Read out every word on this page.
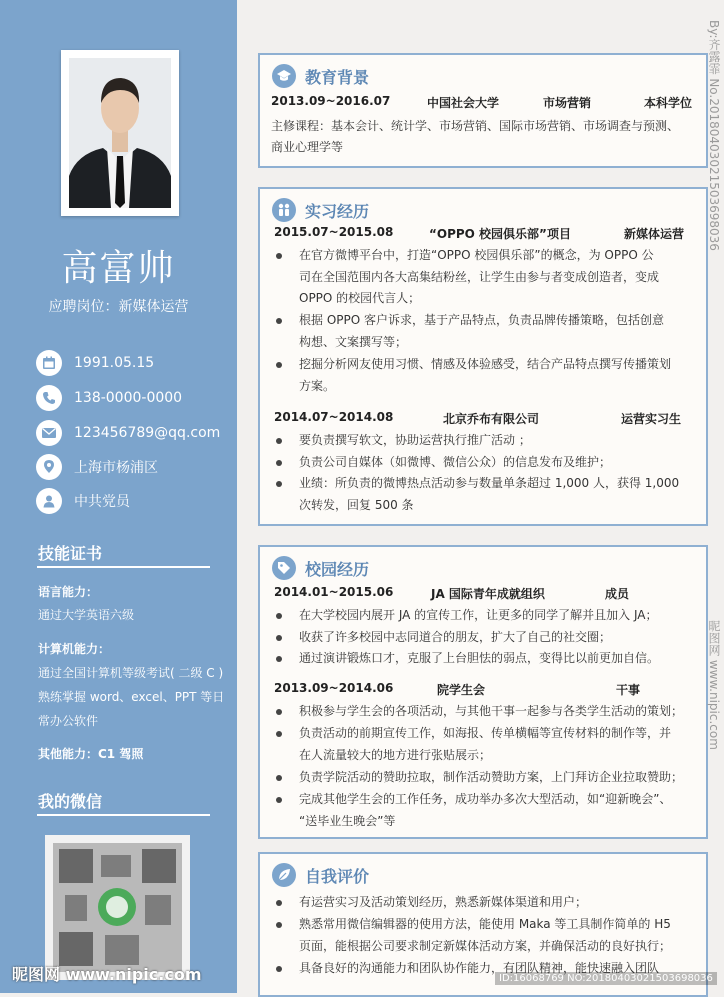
高富帅
应聘岗位：新媒体运营
1991.05.15
138-0000-0000
123456789@qq.com
上海市杨浦区
中共党员
技能证书
语言能力：
通过大学英语六级
计算机能力：
通过全国计算机等级考试( 二级 C )
熟练掌握 word、excel、PPT 等日
常办公软件
其他能力：C1 驾照
我的微信
教育背景
2013.09~2016.07	中国社会大学	市场营销	本科学位
主修课程：基本会计、统计学、市场营销、国际市场营销、市场调查与预测、
商业心理学等
实习经历
2015.07~2015.08	“OPPO 校园俱乐部”项目	新媒体运营
在官方微博平台中，打造“OPPO 校园俱乐部”的概念，为 OPPO 公
司在全国范围内各大高集结粉丝，让学生由参与者变成创造者，变成
OPPO 的校园代言人；
根据 OPPO 客户诉求，基于产品特点，负责品牌传播策略，包括创意
构想、文案撰写等；
挖掘分析网友使用习惯、情感及体验感受，结合产品特点撰写传播策划
方案。
2014.07~2014.08	北京乔布有限公司	运营实习生
要负责撰写软文，协助运营执行推广活动 ；
负责公司自媒体（如微博、微信公众）的信息发布及维护；
业绩：所负责的微博热点活动参与数量单条超过 1,000 人，获得 1,000
次转发，回复 500 条
校园经历
2014.01~2015.06	JA 国际青年成就组织	成员
在大学校园内展开 JA 的宣传工作，让更多的同学了解并且加入 JA；
收获了许多校园中志同道合的朋友，扩大了自己的社交圈；
通过演讲锻炼口才，克服了上台胆怯的弱点，变得比以前更加自信。
2013.09~2014.06	院学生会	干事
积极参与学生会的各项活动，与其他干事一起参与各类学生活动的策划；
负责活动的前期宣传工作，如海报、传单横幅等宣传材料的制作等，并
在人流量较大的地方进行张贴展示；
负责学院活动的赞助拉取，制作活动赞助方案，上门拜访企业拉取赞助；
完成其他学生会的工作任务，成功举办多次大型活动，如“迎新晚会”、
“送毕业生晚会”等
自我评价
有运营实习及活动策划经历，熟悉新媒体渠道和用户；
熟悉常用微信编辑器的使用方法，能使用 Maka 等工具制作简单的 H5
页面，能根据公司要求制定新媒体活动方案，并确保活动的良好执行；
具备良好的沟通能力和团队协作能力，有团队精神，能快速融入团队
By:齐露霏 No.20180403021503698036
昵图网 www.nipic.com
昵图网 www.nipic.com	ID:16068769 NO:20180403021503698036
